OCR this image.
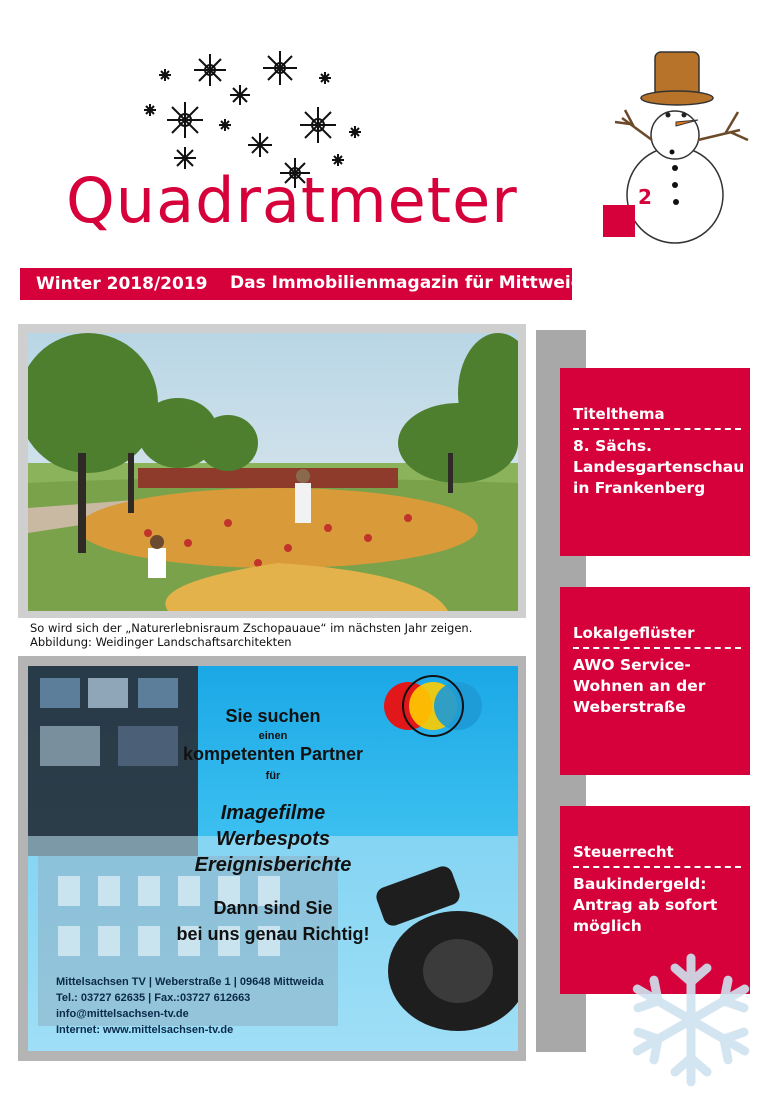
Quadratmeter	2
Winter 2018/2019 Das Immobilienmagazin für Mittweida
So wird sich der „Naturerlebnisraum Zschopauaue“ im nächsten Jahr zeigen.
Abbildung: Weidinger Landschaftsarchitekten
Sie suchen
einen
kompetenten Partner
für
Imagefilme
Werbespots
Ereignisberichte
Dann sind Sie
bei uns genau Richtig!
Mittelsachsen TV | Weberstraße 1 | 09648 Mittweida
Tel.: 03727 62635 | Fax.:03727 612663
info@mittelsachsen-tv.de
Internet: www.mittelsachsen-tv.de
Titelthema
8. Sächs. Landesgartenschau in Frankenberg
Lokalgeflüster
AWO Service-Wohnen an der Weberstraße
Steuerrecht
Baukindergeld: Antrag ab sofort möglich
